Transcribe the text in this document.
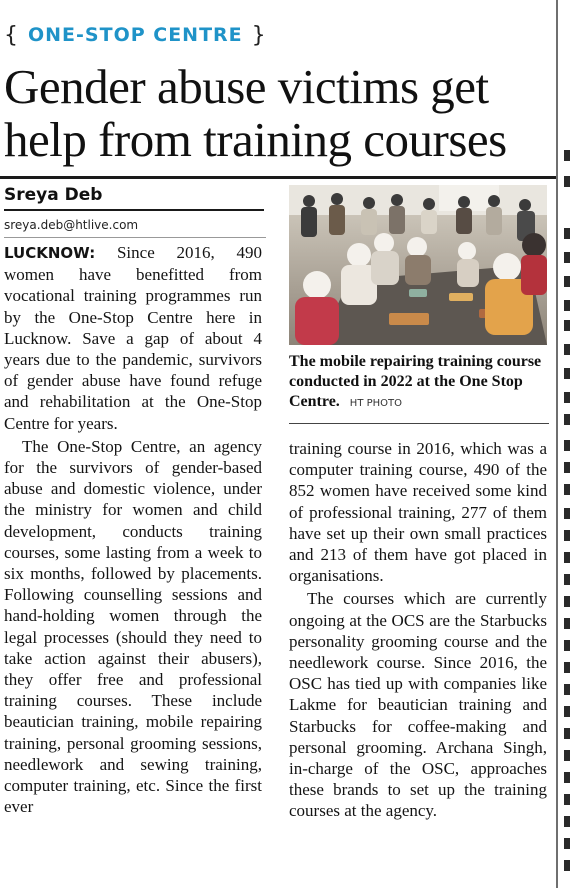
{ ONE-STOP CENTRE }
Gender abuse victims get
help from training courses
Sreya Deb
sreya.deb@htlive.com

LUCKNOW: Since 2016, 490 women have benefitted from vocational training programmes run by the One-Stop Centre here in Lucknow. Save a gap of about 4 years due to the pandemic, survivors of gender abuse have found refuge and rehabilitation at the One-Stop Centre for years.

The One-Stop Centre, an agency for the survivors of gender-based abuse and domestic violence, under the ministry for women and child development, conducts training courses, some lasting from a week to six months, followed by placements. Following counselling sessions and hand-holding women through the legal processes (should they need to take action against their abusers), they offer free and professional training courses. These include beautician training, mobile repairing training, personal grooming sessions, needlework and sewing training, computer training, etc. Since the first ever

The mobile repairing training course conducted in 2022 at the One Stop Centre. HT PHOTO

training course in 2016, which was a computer training course, 490 of the 852 women have received some kind of professional training, 277 of them have set up their own small practices and 213 of them have got placed in organisations.

The courses which are currently ongoing at the OCS are the Starbucks personality grooming course and the needlework course. Since 2016, the OSC has tied up with companies like Lakme for beautician training and Starbucks for coffee-making and personal grooming. Archana Singh, in-charge of the OSC, approaches these brands to set up the training courses at the agency.
